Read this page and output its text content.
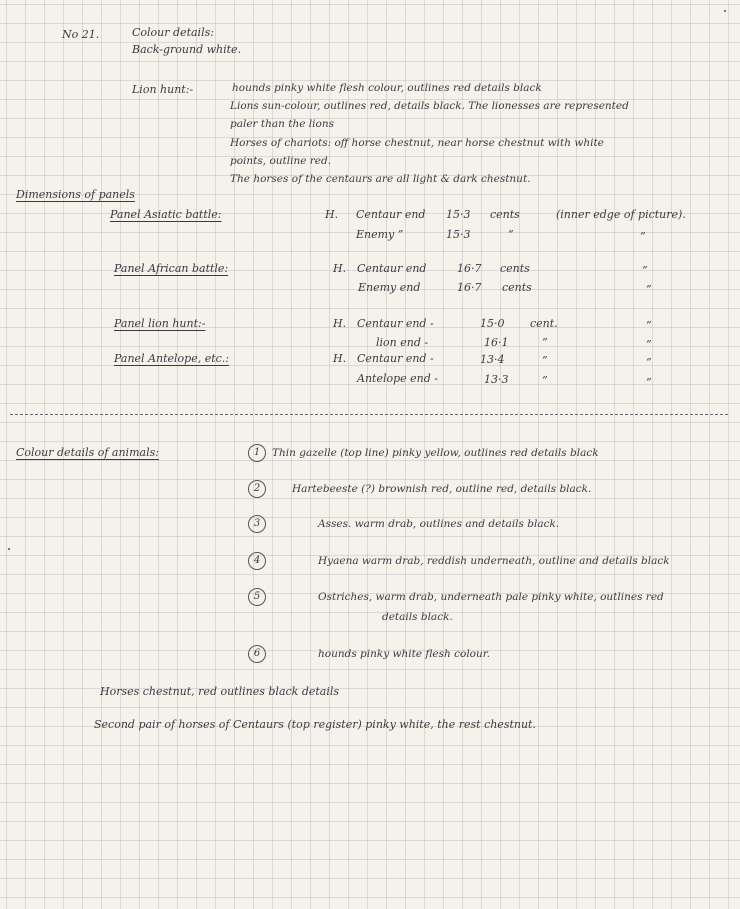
No 21.	Colour details:
Back-ground white.
Lion hunt:-	hounds pinky white flesh colour, outlines red details black
Lions sun-colour, outlines red, details black. The lionesses are represented
paler than the lions
Horses of chariots: off horse chestnut, near horse chestnut with white
points, outline red.
The horses of the centaurs are all light & dark chestnut.
Dimensions of panels
Panel Asiatic battle:	H. Centaur end 15·3 cents	(inner edge of picture).
Enemy ”	15·3	”	”
Panel African battle:	H. Centaur end	16·7 cents	”
Enemy end	16·7 cents	”
Panel lion hunt:-	H. Centaur end -	15·0 cent.	”
lion end -	16·1	”	”
Panel Antelope, etc.:	H. Centaur end -	13·4	”	”
Antelope end -	13·3	”	”
Colour details of animals:	1	Thin gazelle (top line) pinky yellow, outlines red details black
2	Hartebeeste (?) brownish red, outline red, details black.
3	Asses. warm drab, outlines and details black.
4	Hyaena warm drab, reddish underneath, outline and details black
5	Ostriches, warm drab, underneath pale pinky white, outlines red
details black.
6	hounds pinky white flesh colour.
Horses chestnut, red outlines black details
Second pair of horses of Centaurs (top register) pinky white, the rest chestnut.
